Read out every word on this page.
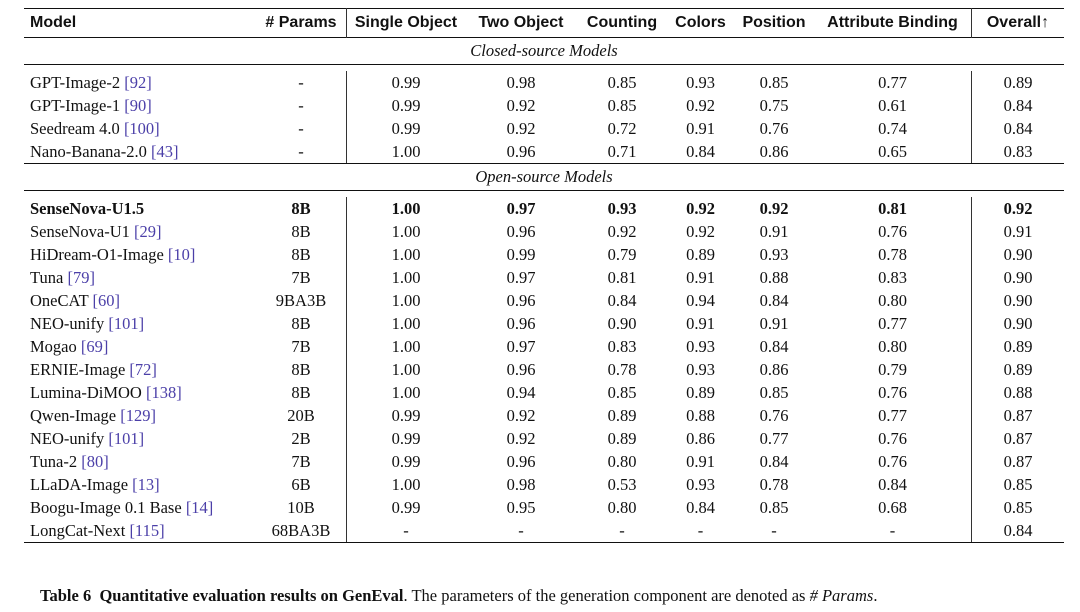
Model	# Params	Single Object	Two Object	Counting	Colors	Position	Attribute Binding	Overall↑
Closed-source Models								

GPT-Image-2 [92]	-	0.99	0.98	0.85	0.93	0.85	0.77	0.89
GPT-Image-1 [90]	-	0.99	0.92	0.85	0.92	0.75	0.61	0.84
Seedream 4.0 [100]	-	0.99	0.92	0.72	0.91	0.76	0.74	0.84
Nano-Banana-2.0 [43]	-	1.00	0.96	0.71	0.84	0.86	0.65	0.83
Open-source Models								

SenseNova-U1.5	8B	1.00	0.97	0.93	0.92	0.92	0.81	0.92
SenseNova-U1 [29]	8B	1.00	0.96	0.92	0.92	0.91	0.76	0.91
HiDream-O1-Image [10]	8B	1.00	0.99	0.79	0.89	0.93	0.78	0.90
Tuna [79]	7B	1.00	0.97	0.81	0.91	0.88	0.83	0.90
OneCAT [60]	9BA3B	1.00	0.96	0.84	0.94	0.84	0.80	0.90
NEO-unify [101]	8B	1.00	0.96	0.90	0.91	0.91	0.77	0.90
Mogao [69]	7B	1.00	0.97	0.83	0.93	0.84	0.80	0.89
ERNIE-Image [72]	8B	1.00	0.96	0.78	0.93	0.86	0.79	0.89
Lumina-DiMOO [138]	8B	1.00	0.94	0.85	0.89	0.85	0.76	0.88
Qwen-Image [129]	20B	0.99	0.92	0.89	0.88	0.76	0.77	0.87
NEO-unify [101]	2B	0.99	0.92	0.89	0.86	0.77	0.76	0.87
Tuna-2 [80]	7B	0.99	0.96	0.80	0.91	0.84	0.76	0.87
LLaDA-Image [13]	6B	1.00	0.98	0.53	0.93	0.78	0.84	0.85
Boogu-Image 0.1 Base [14]	10B	0.99	0.95	0.80	0.84	0.85	0.68	0.85
LongCat-Next [115]	68BA3B	-	-	-	-	-	-	0.84
Table 6 Quantitative evaluation results on GenEval. The parameters of the generation component are denoted as # Params.
